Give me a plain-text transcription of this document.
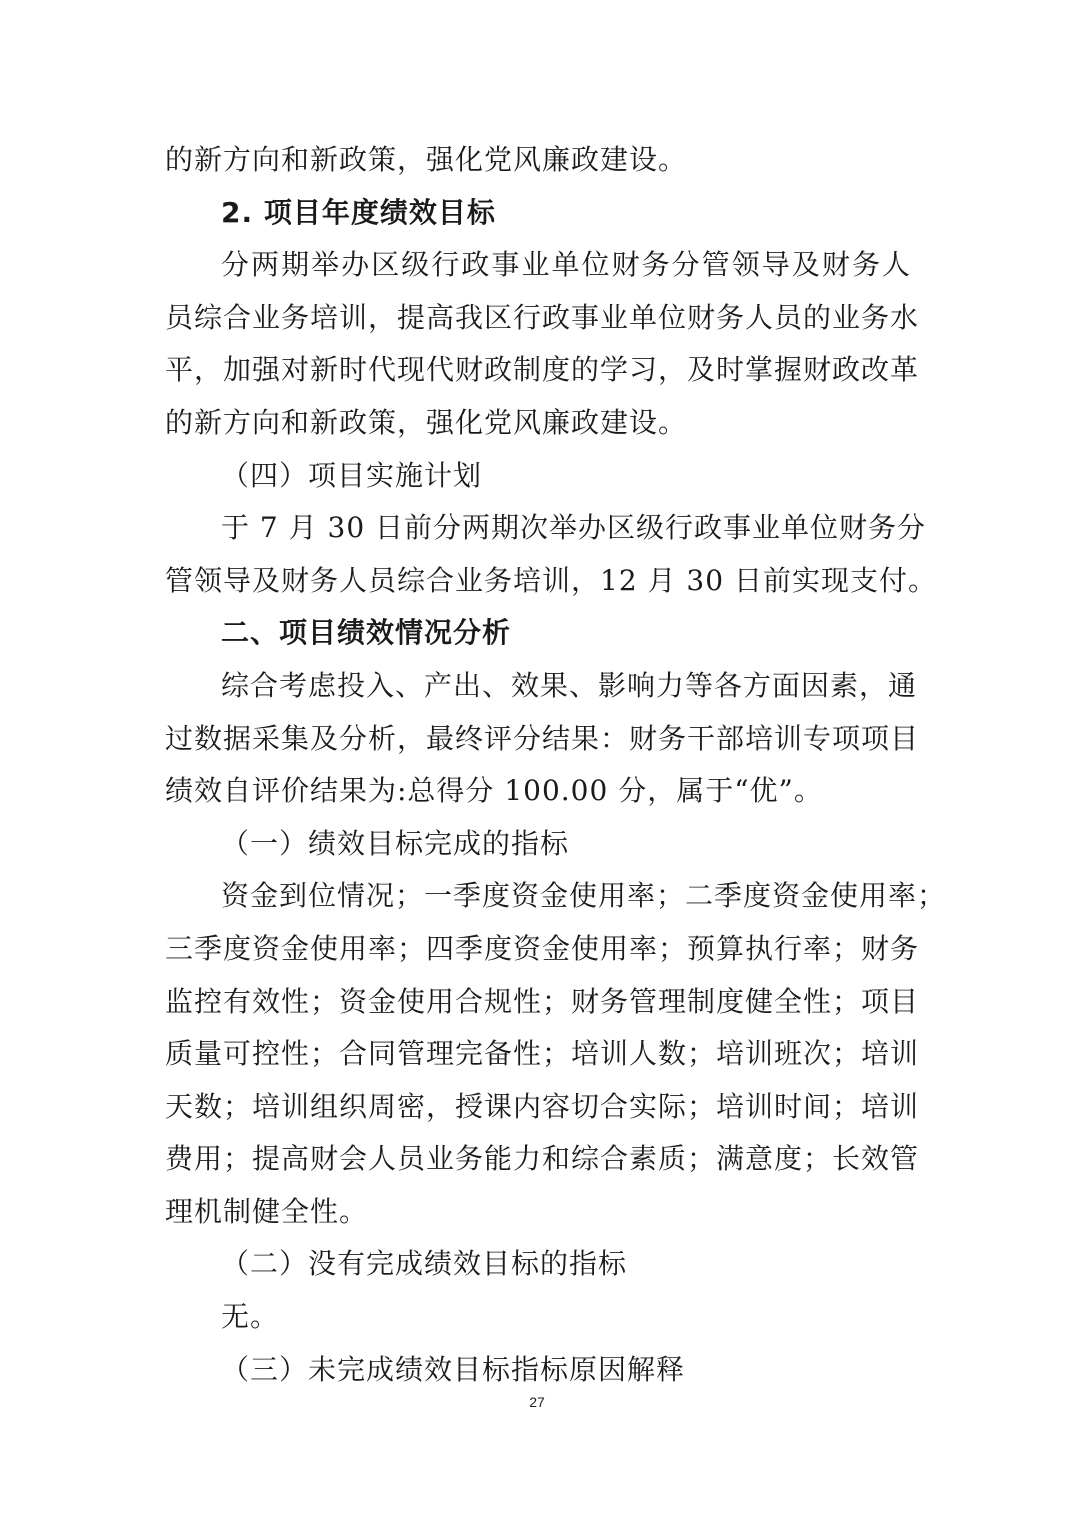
的新方向和新政策，强化党风廉政建设。
2. 项目年度绩效目标
分两期举办区级行政事业单位财务分管领导及财务人
员综合业务培训，提高我区行政事业单位财务人员的业务水
平，加强对新时代现代财政制度的学习，及时掌握财政改革
的新方向和新政策，强化党风廉政建设。
（四）项目实施计划
于 7 月 30 日前分两期次举办区级行政事业单位财务分
管领导及财务人员综合业务培训，12 月 30 日前实现支付。
二、项目绩效情况分析
综合考虑投入、产出、效果、影响力等各方面因素，通
过数据采集及分析，最终评分结果：财务干部培训专项项目
绩效自评价结果为:总得分 100.00 分，属于“优”。
（一）绩效目标完成的指标
资金到位情况；一季度资金使用率；二季度资金使用率；
三季度资金使用率；四季度资金使用率；预算执行率；财务
监控有效性；资金使用合规性；财务管理制度健全性；项目
质量可控性；合同管理完备性；培训人数；培训班次；培训
天数；培训组织周密，授课内容切合实际；培训时间；培训
费用；提高财会人员业务能力和综合素质；满意度；长效管
理机制健全性。
（二）没有完成绩效目标的指标
无。
（三）未完成绩效目标指标原因解释
27
